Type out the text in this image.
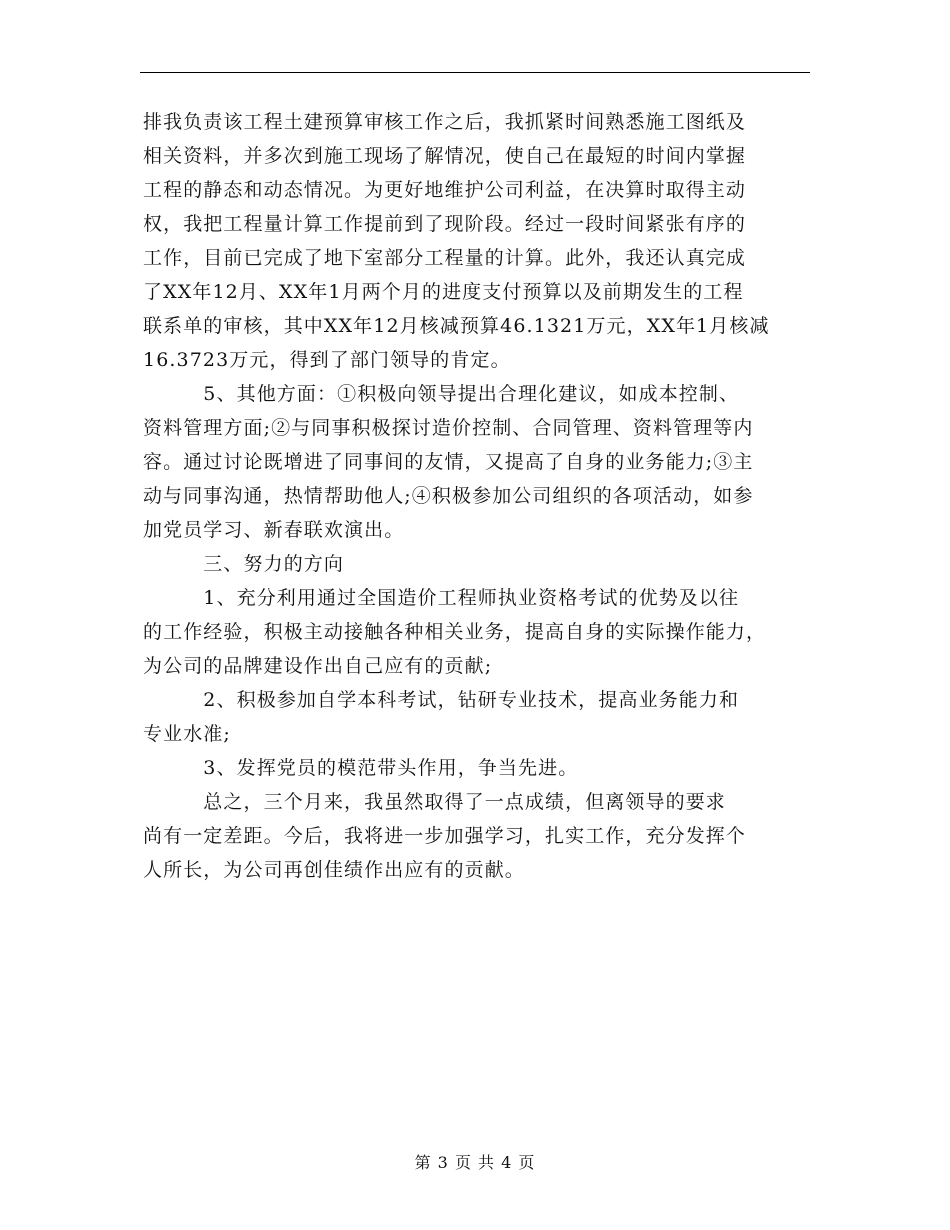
排我负责该工程土建预算审核工作之后，我抓紧时间熟悉施工图纸及
相关资料，并多次到施工现场了解情况，使自己在最短的时间内掌握
工程的静态和动态情况。为更好地维护公司利益，在决算时取得主动
权，我把工程量计算工作提前到了现阶段。经过一段时间紧张有序的
工作，目前已完成了地下室部分工程量的计算。此外，我还认真完成
了XX年12月、XX年1月两个月的进度支付预算以及前期发生的工程
联系单的审核，其中XX年12月核减预算46.1321万元，XX年1月核减
16.3723万元，得到了部门领导的肯定。
　　　5、其他方面：①积极向领导提出合理化建议，如成本控制、
资料管理方面;②与同事积极探讨造价控制、合同管理、资料管理等内
容。通过讨论既增进了同事间的友情，又提高了自身的业务能力;③主
动与同事沟通，热情帮助他人;④积极参加公司组织的各项活动，如参
加党员学习、新春联欢演出。
　　　三、努力的方向
　　　1、充分利用通过全国造价工程师执业资格考试的优势及以往
的工作经验，积极主动接触各种相关业务，提高自身的实际操作能力，
为公司的品牌建设作出自己应有的贡献;
　　　2、积极参加自学本科考试，钻研专业技术，提高业务能力和
专业水准;
　　　3、发挥党员的模范带头作用，争当先进。
　　　总之，三个月来，我虽然取得了一点成绩，但离领导的要求
尚有一定差距。今后，我将进一步加强学习，扎实工作，充分发挥个
人所长，为公司再创佳绩作出应有的贡献。
第 3 页 共 4 页
